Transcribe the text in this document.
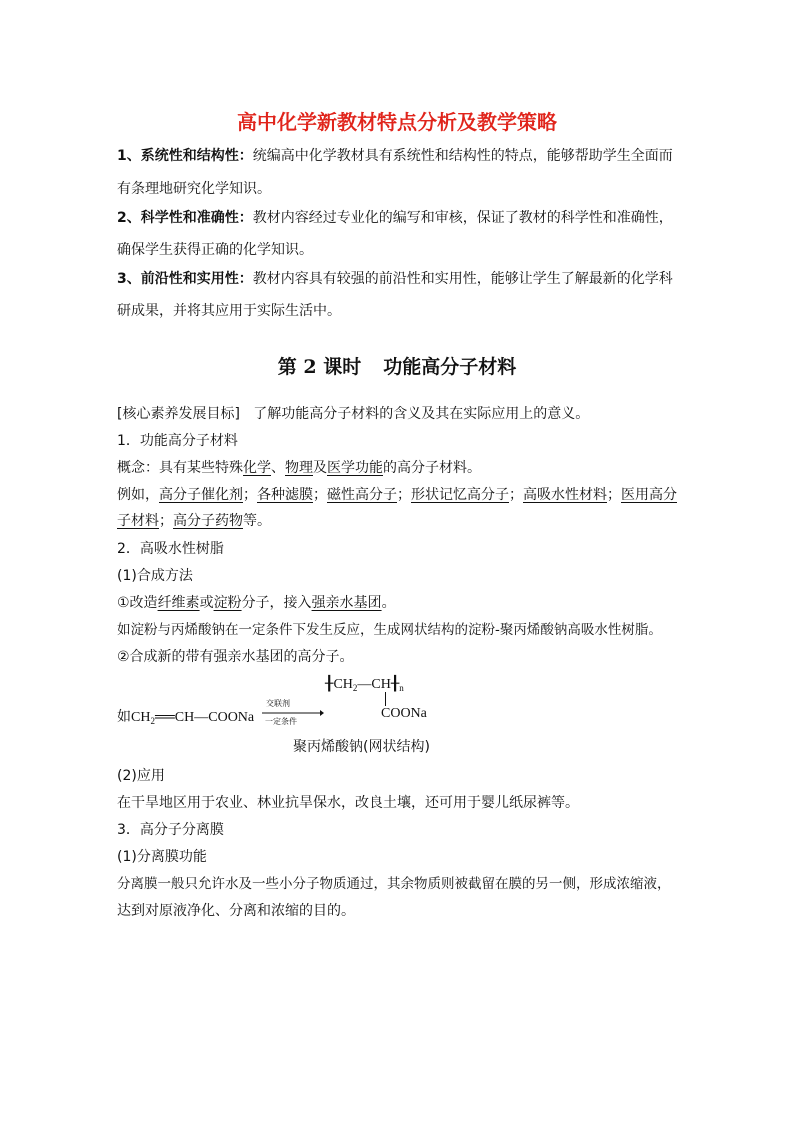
高中化学新教材特点分析及教学策略
1、系统性和结构性：统编高中化学教材具有系统性和结构性的特点，能够帮助学生全面而
有条理地研究化学知识。
2、科学性和准确性：教材内容经过专业化的编写和审核，保证了教材的科学性和准确性，
确保学生获得正确的化学知识。
3、前沿性和实用性：教材内容具有较强的前沿性和实用性，能够让学生了解最新的化学科
研成果，并将其应用于实际生活中。
第 2 课时 功能高分子材料
[核心素养发展目标] 了解功能高分子材料的含义及其在实际应用上的意义。
1．功能高分子材料
概念：具有某些特殊化学、物理及医学功能的高分子材料。
例如，高分子催化剂；各种滤膜；磁性高分子；形状记忆高分子；高吸水性材料；医用高分
子材料；高分子药物等。
2．高吸水性树脂
(1)合成方法
①改造纤维素或淀粉分子，接入强亲水基团。
如淀粉与丙烯酸钠在一定条件下发生反应，生成网状结构的淀粉-聚丙烯酸钠高吸水性树脂。
②合成新的带有强亲水基团的高分子。
$╂CH_2—CH╂_n$
如$CH_2══CH—COONa$
交联剂
一定条件
COONa
聚丙烯酸钠(网状结构)
(2)应用
在干旱地区用于农业、林业抗旱保水，改良土壤，还可用于婴儿纸尿裤等。
3．高分子分离膜
(1)分离膜功能
分离膜一般只允许水及一些小分子物质通过，其余物质则被截留在膜的另一侧，形成浓缩液，
达到对原液净化、分离和浓缩的目的。
